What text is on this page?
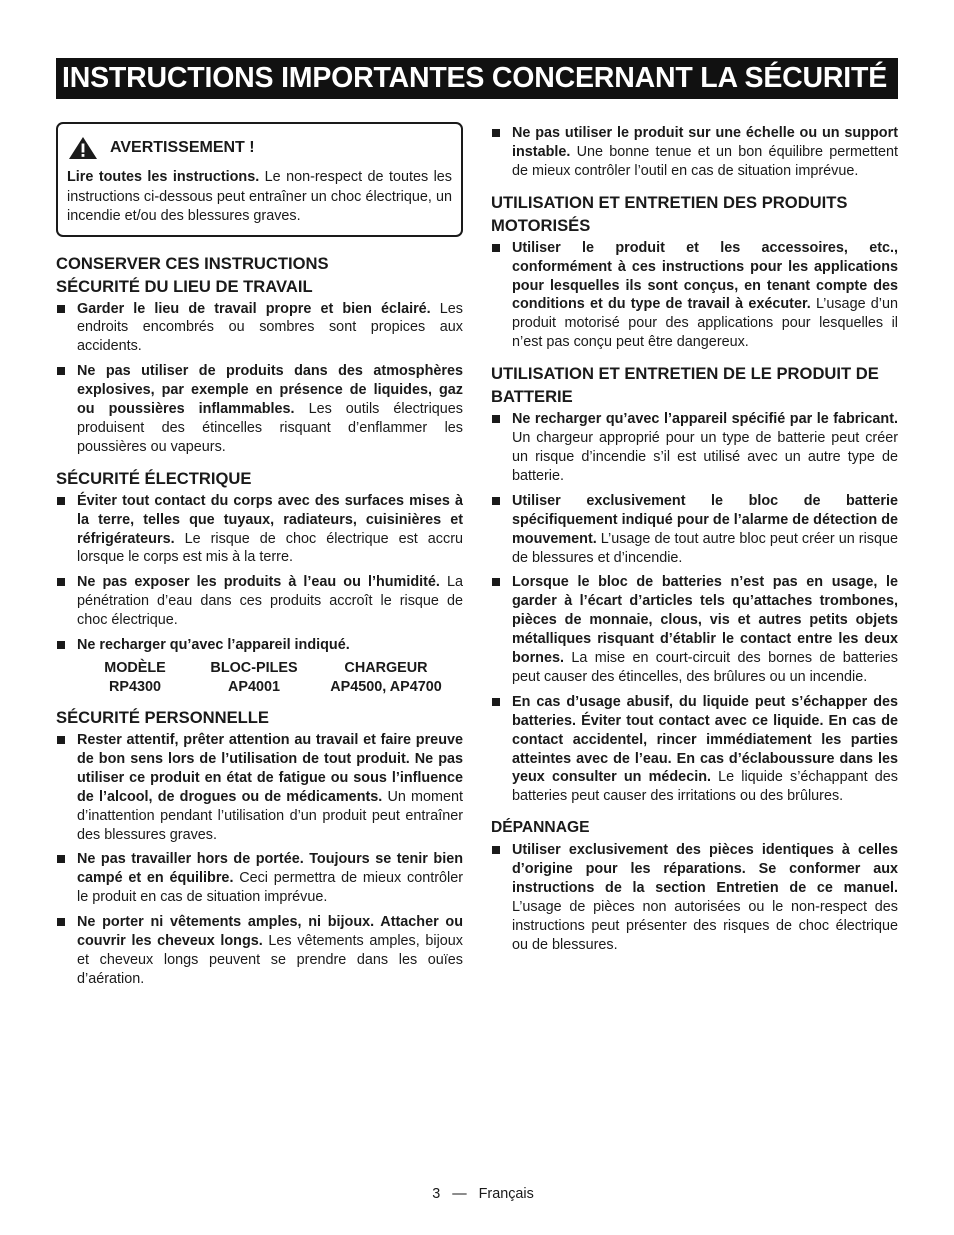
INSTRUCTIONS IMPORTANTES CONCERNANT LA SÉCURITÉ
AVERTISSEMENT !
Lire toutes les instructions. Le non-respect de toutes les instructions ci-dessous peut entraîner un choc électrique, un incendie et/ou des blessures graves.
CONSERVER CES INSTRUCTIONS
SÉCURITÉ DU LIEU DE TRAVAIL
Garder le lieu de travail propre et bien éclairé. Les endroits encombrés ou sombres sont propices aux accidents.
Ne pas utiliser de produits dans des atmosphères explosives, par exemple en présence de liquides, gaz ou poussières inflammables. Les outils électriques produisent des étincelles risquant d’enflammer les poussières ou vapeurs.
SÉCURITÉ ÉLECTRIQUE
Éviter tout contact du corps avec des surfaces mises à la terre, telles que tuyaux, radiateurs, cuisinières et réfrigérateurs. Le risque de choc électrique est accru lorsque le corps est mis à la terre.
Ne pas exposer les produits à l’eau ou l’humidité. La pénétration d’eau dans ces produits accroît le risque de choc électrique.
Ne recharger qu’avec l’appareil indiqué.
MODÈLE	BLOC-PILES	CHARGEUR
RP4300	AP4001	AP4500, AP4700
SÉCURITÉ PERSONNELLE
Rester attentif, prêter attention au travail et faire preuve de bon sens lors de l’utilisation de tout produit. Ne pas utiliser ce produit en état de fatigue ou sous l’influence de l’alcool, de drogues ou de médicaments. Un moment d’inattention pendant l’utilisation d’un produit peut entraîner des blessures graves.
Ne pas travailler hors de portée. Toujours se tenir bien campé et en équilibre. Ceci permettra de mieux contrôler le produit en cas de situation imprévue.
Ne porter ni vêtements amples, ni bijoux. Attacher ou couvrir les cheveux longs. Les vêtements amples, bijoux et cheveux longs peuvent se prendre dans les ouïes d’aération.
Ne pas utiliser le produit sur une échelle ou un support instable. Une bonne tenue et un bon équilibre permettent de mieux contrôler l’outil en cas de situation imprévue.
UTILISATION ET ENTRETIEN DES PRODUITS MOTORISÉS
Utiliser le produit et les accessoires, etc., conformément à ces instructions pour les applications pour lesquelles ils sont conçus, en tenant compte des conditions et du type de travail à exécuter. L’usage d’un produit motorisé pour des applications pour lesquelles il n’est pas conçu peut être dangereux.
UTILISATION ET ENTRETIEN DE LE PRODUIT DE BATTERIE
Ne recharger qu’avec l’appareil spécifié par le fabricant. Un chargeur approprié pour un type de batterie peut créer un risque d’incendie s’il est utilisé avec un autre type de batterie.
Utiliser exclusivement le bloc de batterie spécifiquement indiqué pour de l’alarme de détection de mouvement. L’usage de tout autre bloc peut créer un risque de blessures et d’incendie.
Lorsque le bloc de batteries n’est pas en usage, le garder à l’écart d’articles tels qu’attaches trombones, pièces de monnaie, clous, vis et autres petits objets métalliques risquant d’établir le contact entre les deux bornes. La mise en court-circuit des bornes de batteries peut causer des étincelles, des brûlures ou un incendie.
En cas d’usage abusif, du liquide peut s’échapper des batteries. Éviter tout contact avec ce liquide. En cas de contact accidentel, rincer immédiatement les parties atteintes avec de l’eau. En cas d’éclaboussure dans les yeux consulter un médecin. Le liquide s’échappant des batteries peut causer des irritations ou des brûlures.
DÉPANNAGE
Utiliser exclusivement des pièces identiques à celles d’origine pour les réparations. Se conformer aux instructions de la section Entretien de ce manuel. L’usage de pièces non autorisées ou le non-respect des instructions peut présenter des risques de choc électrique ou de blessures.
3 — Français
